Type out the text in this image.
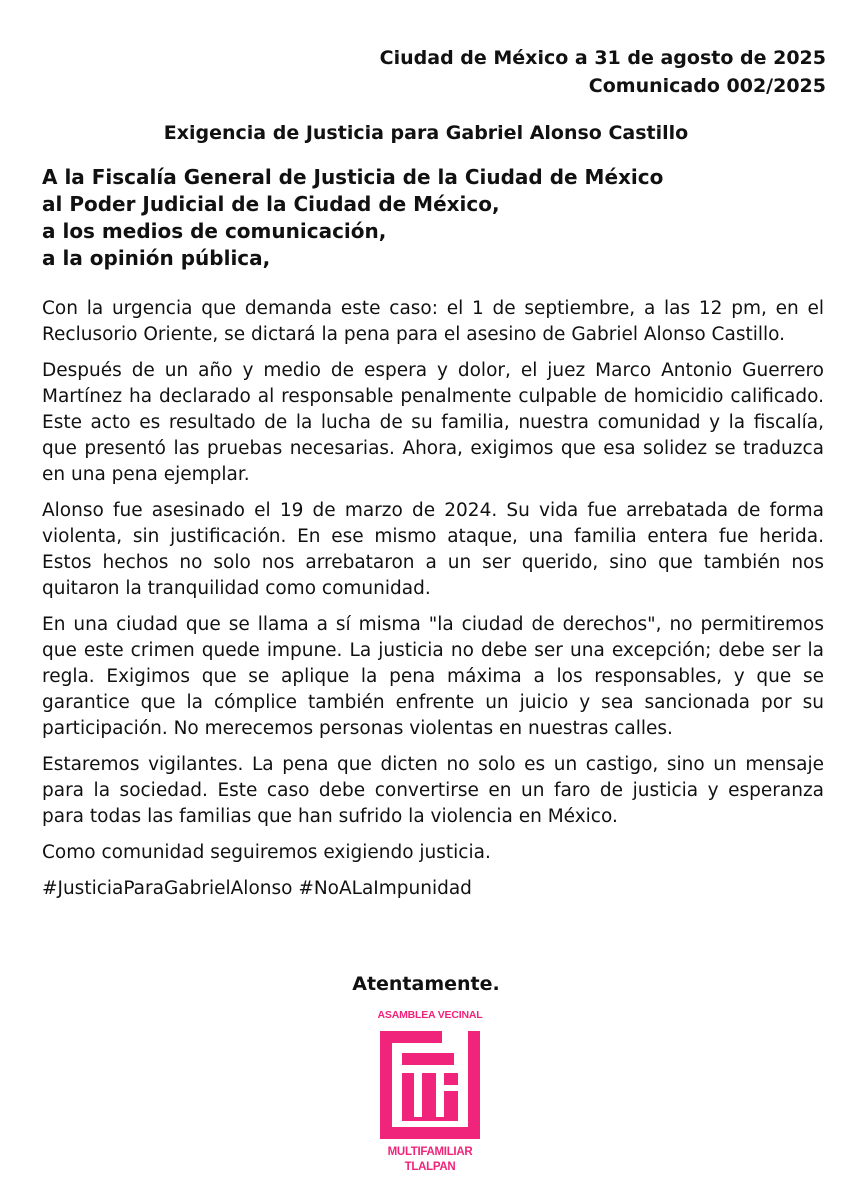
Ciudad de México a 31 de agosto de 2025
Comunicado 002/2025
Exigencia de Justicia para Gabriel Alonso Castillo
A la Fiscalía General de Justicia de la Ciudad de México
al Poder Judicial de la Ciudad de México,
a los medios de comunicación,
a la opinión pública,

Con la urgencia que demanda este caso: el 1 de septiembre, a las 12 pm, en el Reclusorio Oriente, se dictará la pena para el asesino de Gabriel Alonso Castillo.

Después de un año y medio de espera y dolor, el juez Marco Antonio Guerrero Martínez ha declarado al responsable penalmente culpable de homicidio calificado. Este acto es resultado de la lucha de su familia, nuestra comunidad y la fiscalía, que presentó las pruebas necesarias. Ahora, exigimos que esa solidez se traduzca en una pena ejemplar.

Alonso fue asesinado el 19 de marzo de 2024. Su vida fue arrebatada de forma violenta, sin justificación. En ese mismo ataque, una familia entera fue herida. Estos hechos no solo nos arrebataron a un ser querido, sino que también nos quitaron la tranquilidad como comunidad.

En una ciudad que se llama a sí misma "la ciudad de derechos", no permitiremos que este crimen quede impune. La justicia no debe ser una excepción; debe ser la regla. Exigimos que se aplique la pena máxima a los responsables, y que se garantice que la cómplice también enfrente un juicio y sea sancionada por su participación. No merecemos personas violentas en nuestras calles.

Estaremos vigilantes. La pena que dicten no solo es un castigo, sino un mensaje para la sociedad. Este caso debe convertirse en un faro de justicia y esperanza para todas las familias que han sufrido la violencia en México.

Como comunidad seguiremos exigiendo justicia.

#JusticiaParaGabrielAlonso #NoALaImpunidad

Atentamente.
ASAMBLEA VECINAL
MULTIFAMILIAR
TLALPAN
